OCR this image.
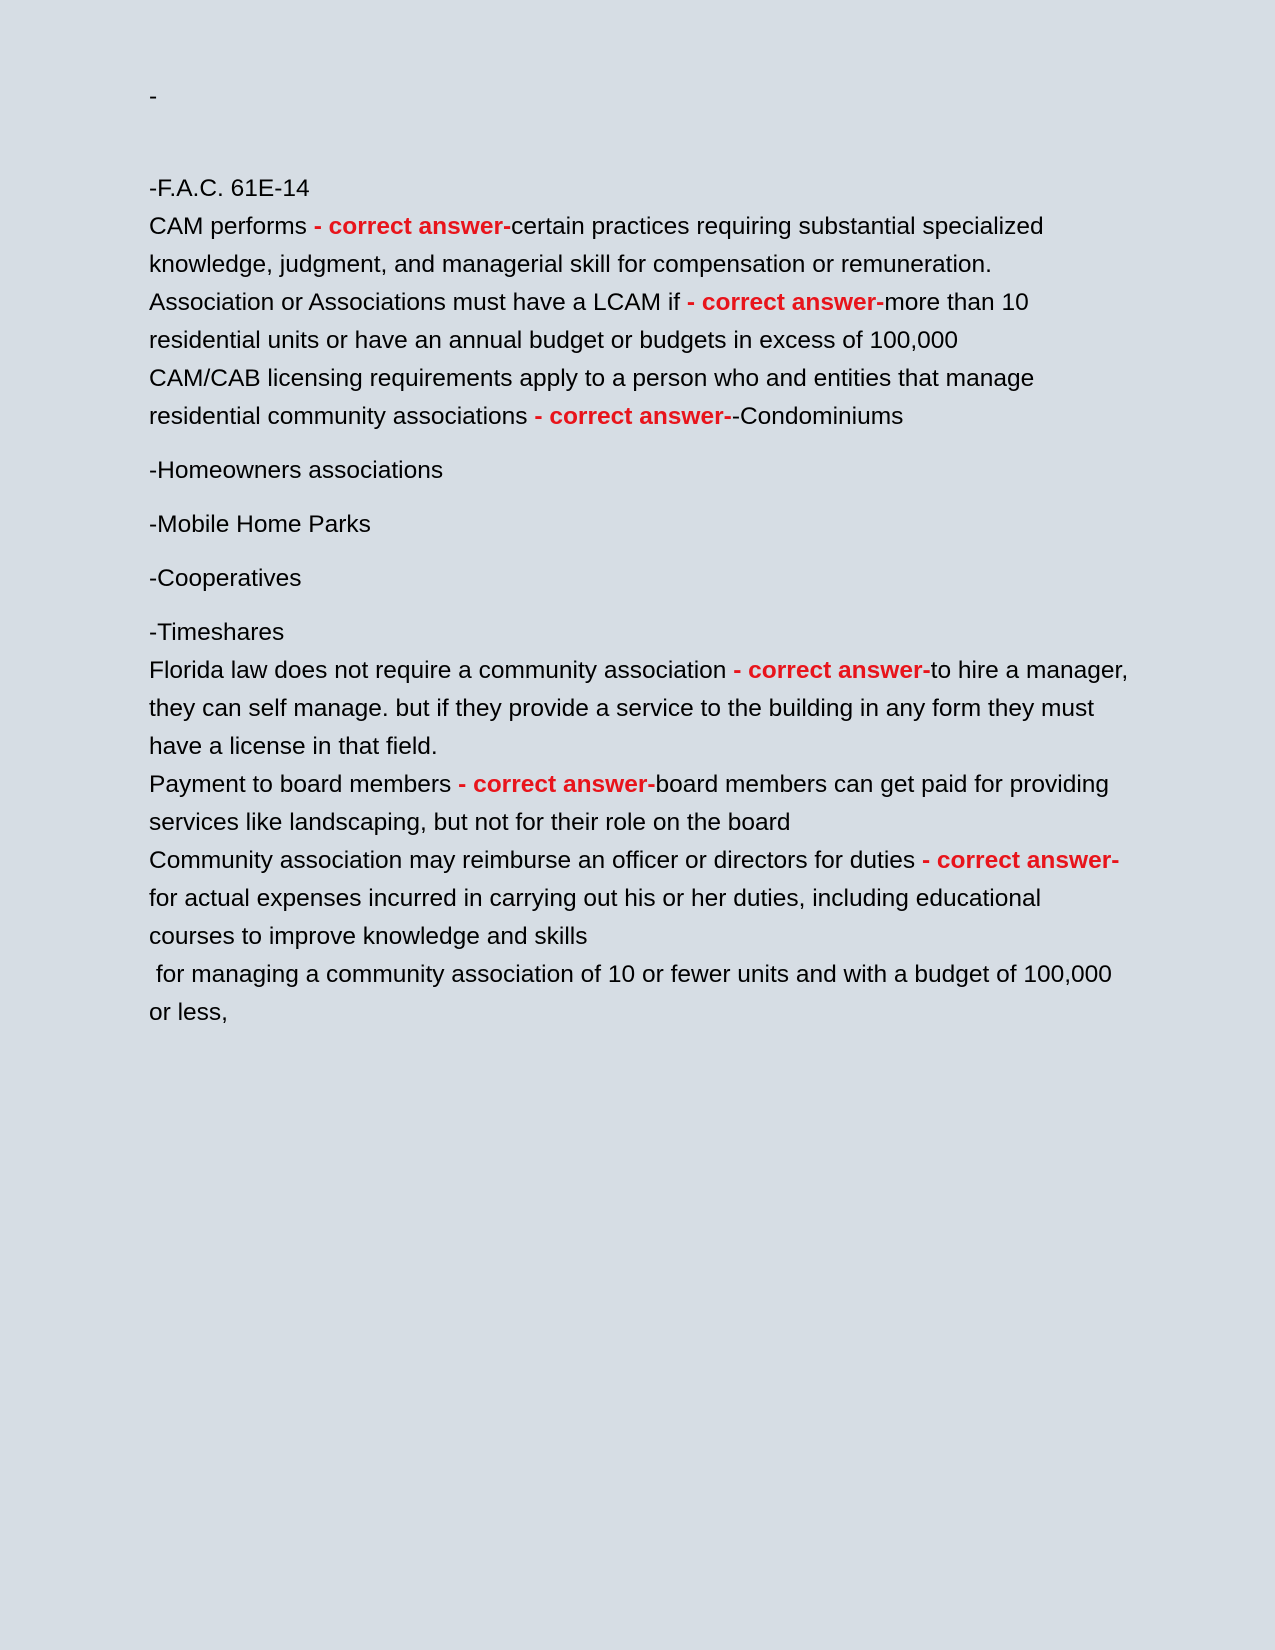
-

-F.A.C. 61E-14

CAM performs - correct answer-certain practices requiring substantial specialized knowledge, judgment, and managerial skill for compensation or remuneration.

Association or Associations must have a LCAM if - correct answer-more than 10 residential units or have an annual budget or budgets in excess of 100,000

CAM/CAB licensing requirements apply to a person who and entities that manage residential community associations - correct answer--Condominiums

-Homeowners associations

-Mobile Home Parks

-Cooperatives

-Timeshares

Florida law does not require a community association - correct answer-to hire a manager, they can self manage. but if they provide a service to the building in any form they must have a license in that field.

Payment to board members - correct answer-board members can get paid for providing services like landscaping, but not for their role on the board

Community association may reimburse an officer or directors for duties - correct answer-for actual expenses incurred in carrying out his or her duties, including educational courses to improve knowledge and skills

for managing a community association of 10 or fewer units and with a budget of 100,000 or less,
